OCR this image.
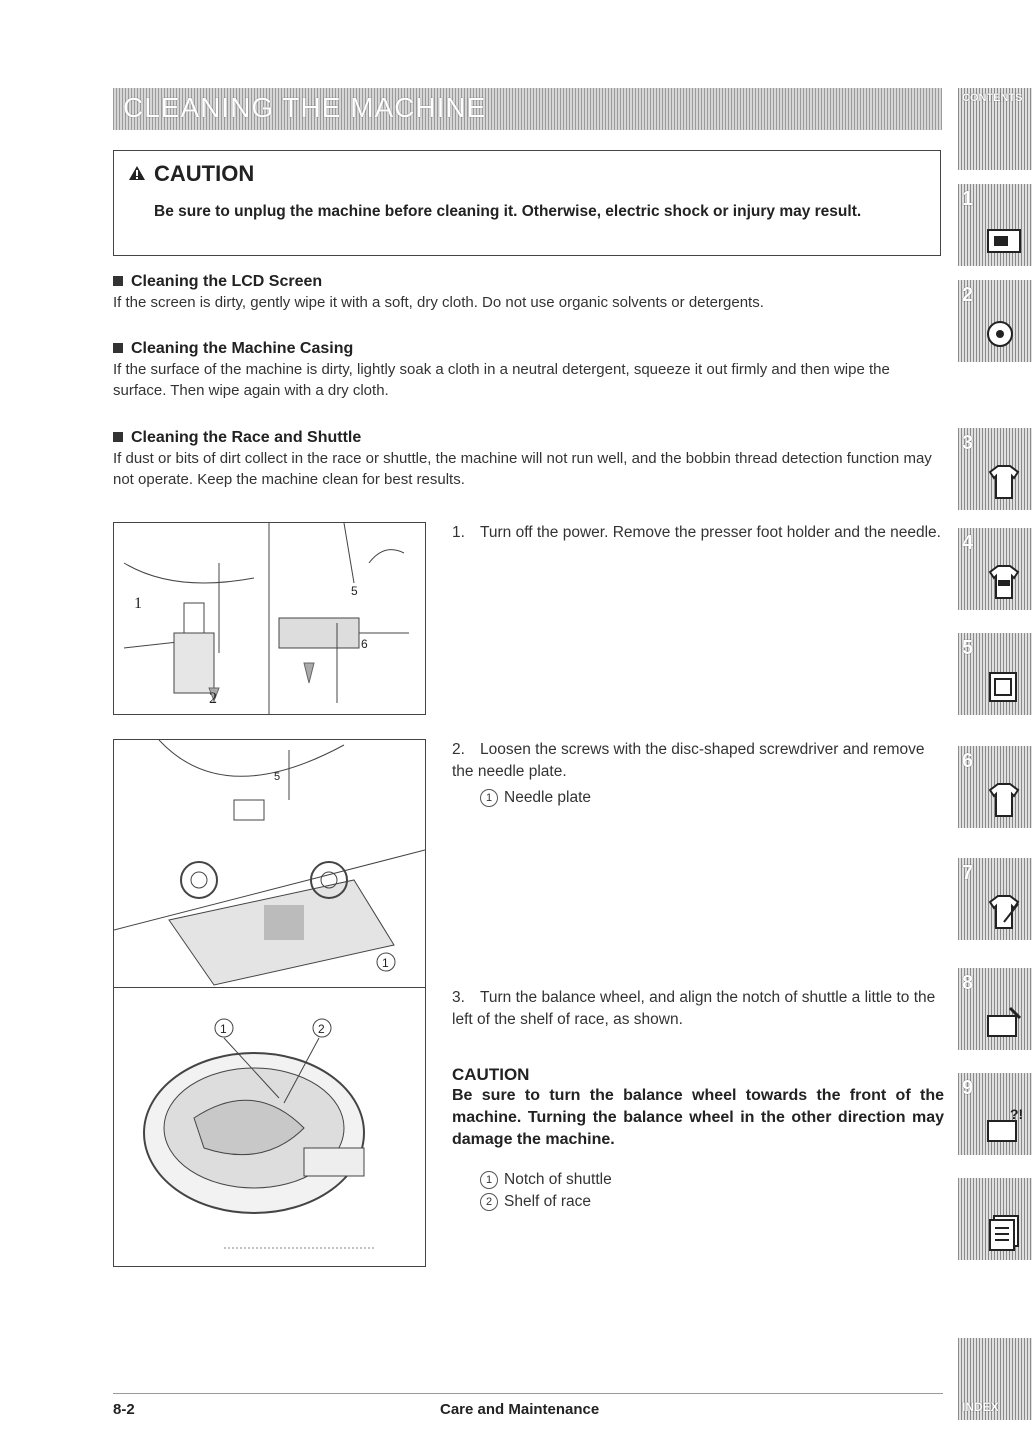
CLEANING THE MACHINE
CAUTION
Be sure to unplug the machine before cleaning it. Otherwise, electric shock or injury may result.
Cleaning the LCD Screen

If the screen is dirty, gently wipe it with a soft, dry cloth. Do not use organic solvents or detergents.

Cleaning the Machine Casing

If the surface of the machine is dirty, lightly soak a cloth in a neutral detergent, squeeze it out firmly and then wipe the surface. Then wipe again with a dry cloth.

Cleaning the Race and Shuttle

If dust or bits of dirt collect in the race or shuttle, the machine will not run well, and the bobbin thread detection function may not operate. Keep the machine clean for best results.

1
2
5
6
1. Turn off the power. Remove the presser foot holder and the needle.
5
1
2. Loosen the screws with the disc-shaped screwdriver and remove the needle plate.
1 Needle plate
1	2
3. Turn the balance wheel, and align the notch of shuttle a little to the left of the shelf of race, as shown.
CAUTION
Be sure to turn the balance wheel towards the front of the machine. Turning the balance wheel in the other direction may damage the machine.
1 Notch of shuttle
2 Shelf of race
CONTENTS
1
2
3
4
5
6
7
8
9
?!
INDEX
8-2	Care and Maintenance
